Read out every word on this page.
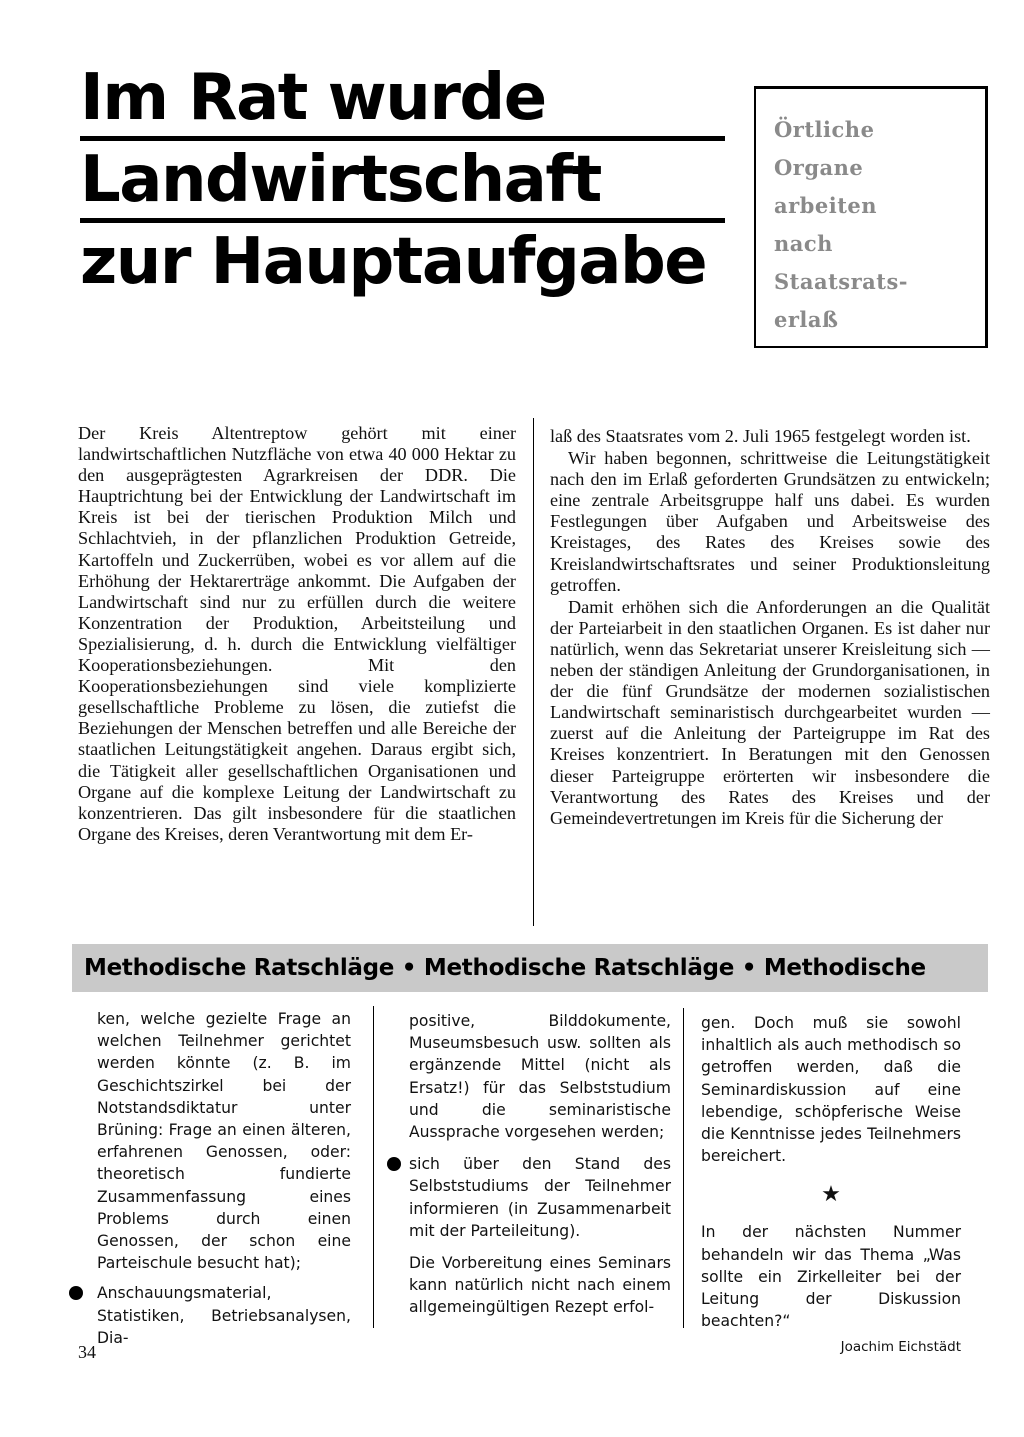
Im Rat wurde
Landwirtschaft
zur Hauptaufgabe
Örtliche
Organe
arbeiten
nach
Staatsrats-
erlaß

Der Kreis Altentreptow gehört mit einer landwirtschaftlichen Nutzfläche von etwa 40 000 Hektar zu den ausgeprägtesten Agrarkreisen der DDR. Die Hauptrichtung bei der Entwicklung der Landwirtschaft im Kreis ist bei der tierischen Produktion Milch und Schlachtvieh, in der pflanzlichen Produktion Getreide, Kartoffeln und Zuckerrüben, wobei es vor allem auf die Erhöhung der Hektarerträge ankommt. Die Aufgaben der Landwirtschaft sind nur zu erfüllen durch die weitere Konzentration der Produktion, Arbeitsteilung und Spezialisierung, d. h. durch die Entwicklung vielfältiger Kooperationsbeziehungen. Mit den Kooperationsbeziehungen sind viele komplizierte gesellschaftliche Probleme zu lösen, die zutiefst die Beziehungen der Menschen betreffen und alle Bereiche der staatlichen Leitungstätigkeit angehen. Daraus ergibt sich, die Tätigkeit aller gesellschaftlichen Organisationen und Organe auf die komplexe Leitung der Landwirtschaft zu konzentrieren. Das gilt insbesondere für die staatlichen Organe des Kreises, deren Verantwortung mit dem Er-

laß des Staatsrates vom 2. Juli 1965 festgelegt worden ist.

Wir haben begonnen, schrittweise die Leitungstätigkeit nach den im Erlaß geforderten Grundsätzen zu entwickeln; eine zentrale Arbeitsgruppe half uns dabei. Es wurden Festlegungen über Aufgaben und Arbeitsweise des Kreistages, des Rates des Kreises sowie des Kreislandwirtschaftsrates und seiner Produktionsleitung getroffen.

Damit erhöhen sich die Anforderungen an die Qualität der Parteiarbeit in den staatlichen Organen. Es ist daher nur natürlich, wenn das Sekretariat unserer Kreisleitung sich — neben der ständigen Anleitung der Grundorganisationen, in der die fünf Grundsätze der modernen sozialistischen Landwirtschaft seminaristisch durchgearbeitet wurden — zuerst auf die Anleitung der Parteigruppe im Rat des Kreises konzentriert. In Beratungen mit den Genossen dieser Parteigruppe erörterten wir insbesondere die Verantwortung des Rates des Kreises und der Gemeindevertretungen im Kreis für die Sicherung der

Methodische Ratschläge • Methodische Ratschläge • Methodische

ken, welche gezielte Frage an welchen Teilnehmer gerichtet werden könnte (z. B. im Geschichtszirkel bei der Notstandsdiktatur unter Brüning: Frage an einen älteren, erfahrenen Genossen, oder: theoretisch fundierte Zusammenfassung eines Problems durch einen Genossen, der schon eine Parteischule besucht hat);

Anschauungsmaterial, Statistiken, Betriebsanalysen, Dia-

positive, Bilddokumente, Museumsbesuch usw. sollten als ergänzende Mittel (nicht als Ersatz!) für das Selbststudium und die seminaristische Aussprache vorgesehen werden;

sich über den Stand des Selbststudiums der Teilnehmer informieren (in Zusammenarbeit mit der Parteileitung).

Die Vorbereitung eines Seminars kann natürlich nicht nach einem allgemeingültigen Rezept erfol-

gen. Doch muß sie sowohl inhaltlich als auch methodisch so getroffen werden, daß die Seminardiskussion auf eine lebendige, schöpferische Weise die Kenntnisse jedes Teilnehmers bereichert.

★

In der nächsten Nummer behandeln wir das Thema „Was sollte ein Zirkelleiter bei der Leitung der Diskussion beachten?“

Joachim Eichstädt
34
